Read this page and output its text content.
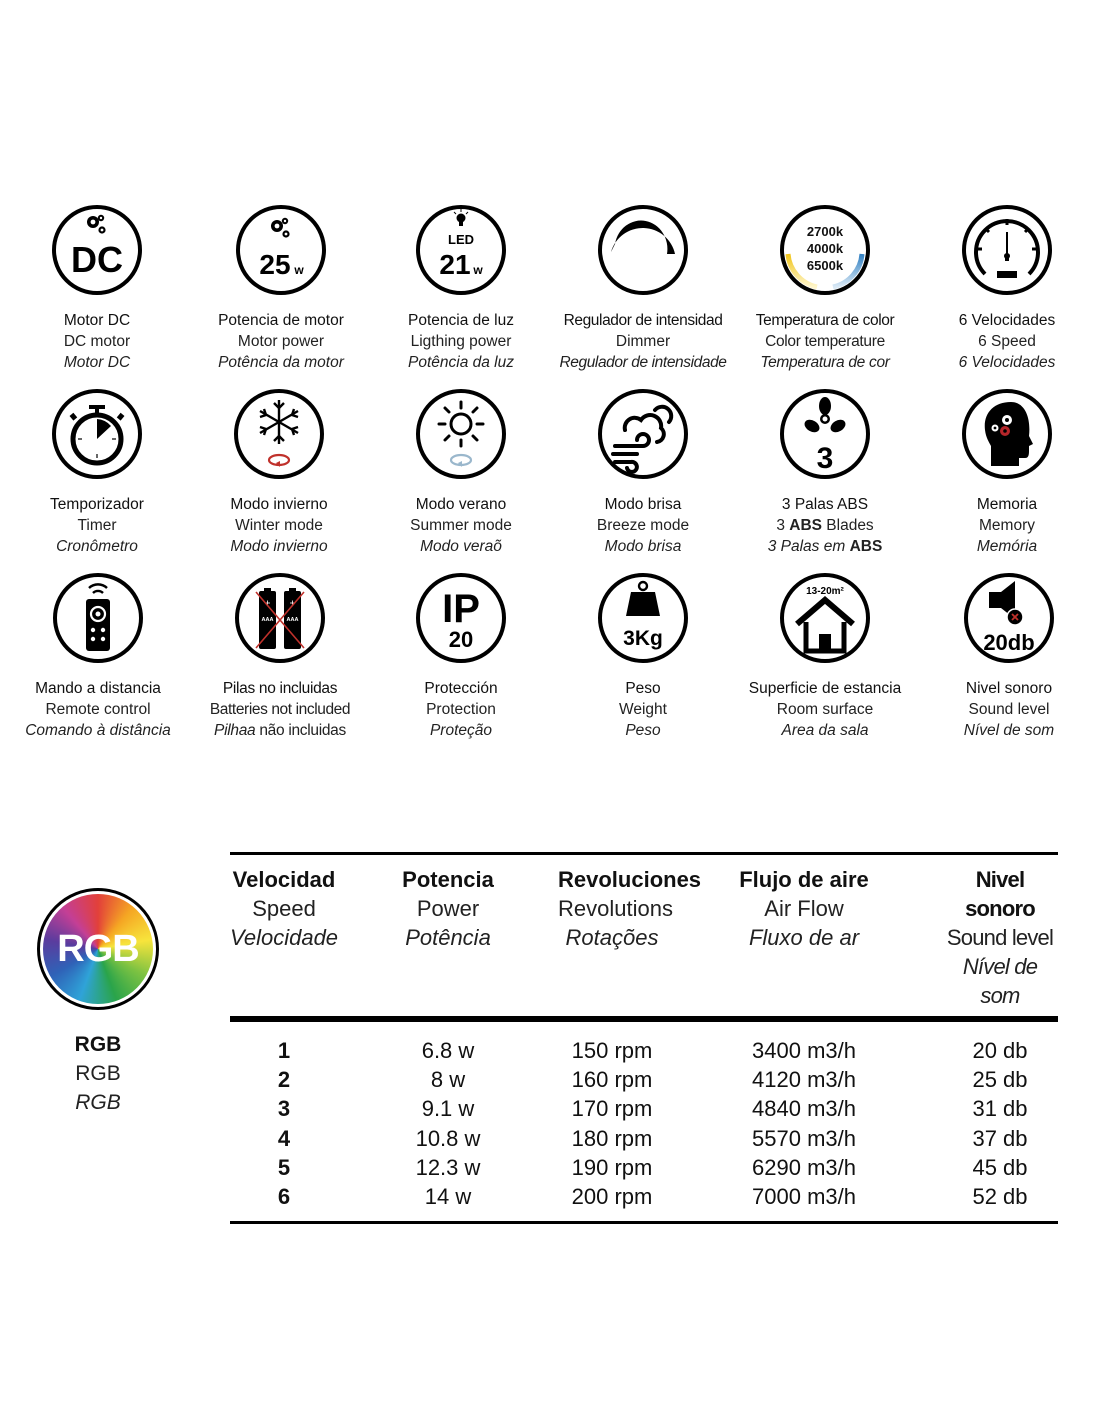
DC
Motor DC
DC motor
Motor DC
25 w
Potencia de motor
Motor power
Potência da motor
LED
21 w
Potencia de luz
Ligthing power
Potência da luz
Regulador de intensidad
Dimmer
Regulador de intensidade
2700k
4000k
6500k
Temperatura de color
Color temperature
Temperatura de cor
6 Velocidades
6 Speed
6 Velocidades
Temporizador
Timer
Cronômetro
Modo invierno
Winter mode
Modo invierno
Modo verano
Summer mode
Modo veraõ
Modo brisa
Breeze mode
Modo brisa
3
3 Palas ABS
3 ABS Blades
3 Palas em ABS
Memoria
Memory
Memória
Mando a distancia
Remote control
Comando à distância
AAA AAA
Pilas no incluidas
Batteries not included
Pilhaa não incluidas
IP
20
Protección
Protection
Proteção
3Kg
Peso
Weight
Peso
13-20m²
Superficie de estancia
Room surface
Area da sala
20db
Nivel sonoro
Sound level
Nível de som
RGB
RGB
RGB
RGB
Velocidad
Speed
Velocidade
Potencia
Power
Potência
Revoluciones
Revolutions
Rotações
Flujo de aire
Air Flow
Fluxo de ar
Nivel sonoro
Sound level
Nível de som
1	6.8 w	150 rpm	3400 m3/h	20 db
2	8 w	160 rpm	4120 m3/h	25 db
3	9.1 w	170 rpm	4840 m3/h	31 db
4	10.8 w	180 rpm	5570 m3/h	37 db
5	12.3 w	190 rpm	6290 m3/h	45 db
6	14 w	200 rpm	7000 m3/h	52 db
